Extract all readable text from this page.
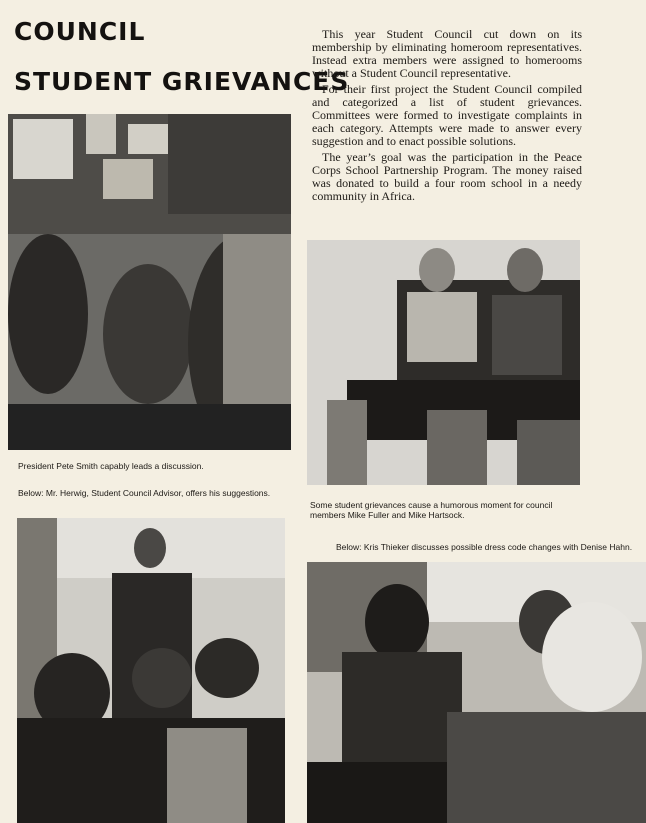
COUNCIL
STUDENT GRIEVANCES

This year Student Council cut down on its membership by eliminating homeroom representatives. Instead extra members were assigned to homerooms without a Student Council representative.

For their first project the Student Council compiled and categorized a list of student grievances. Committees were formed to investigate complaints in each category. Attempts were made to answer every suggestion and to enact possible solutions.

The year’s goal was the participation in the Peace Corps School Partnership Program. The money raised was donated to build a four room school in a needy community in Africa.

President Pete Smith capably leads a discussion.

Below: Mr. Herwig, Student Council Advisor, offers his suggestions.

Some student grievances cause a humorous moment for council members Mike Fuller and Mike Hartsock.

Below: Kris Thieker discusses possible dress code changes with Denise Hahn.
